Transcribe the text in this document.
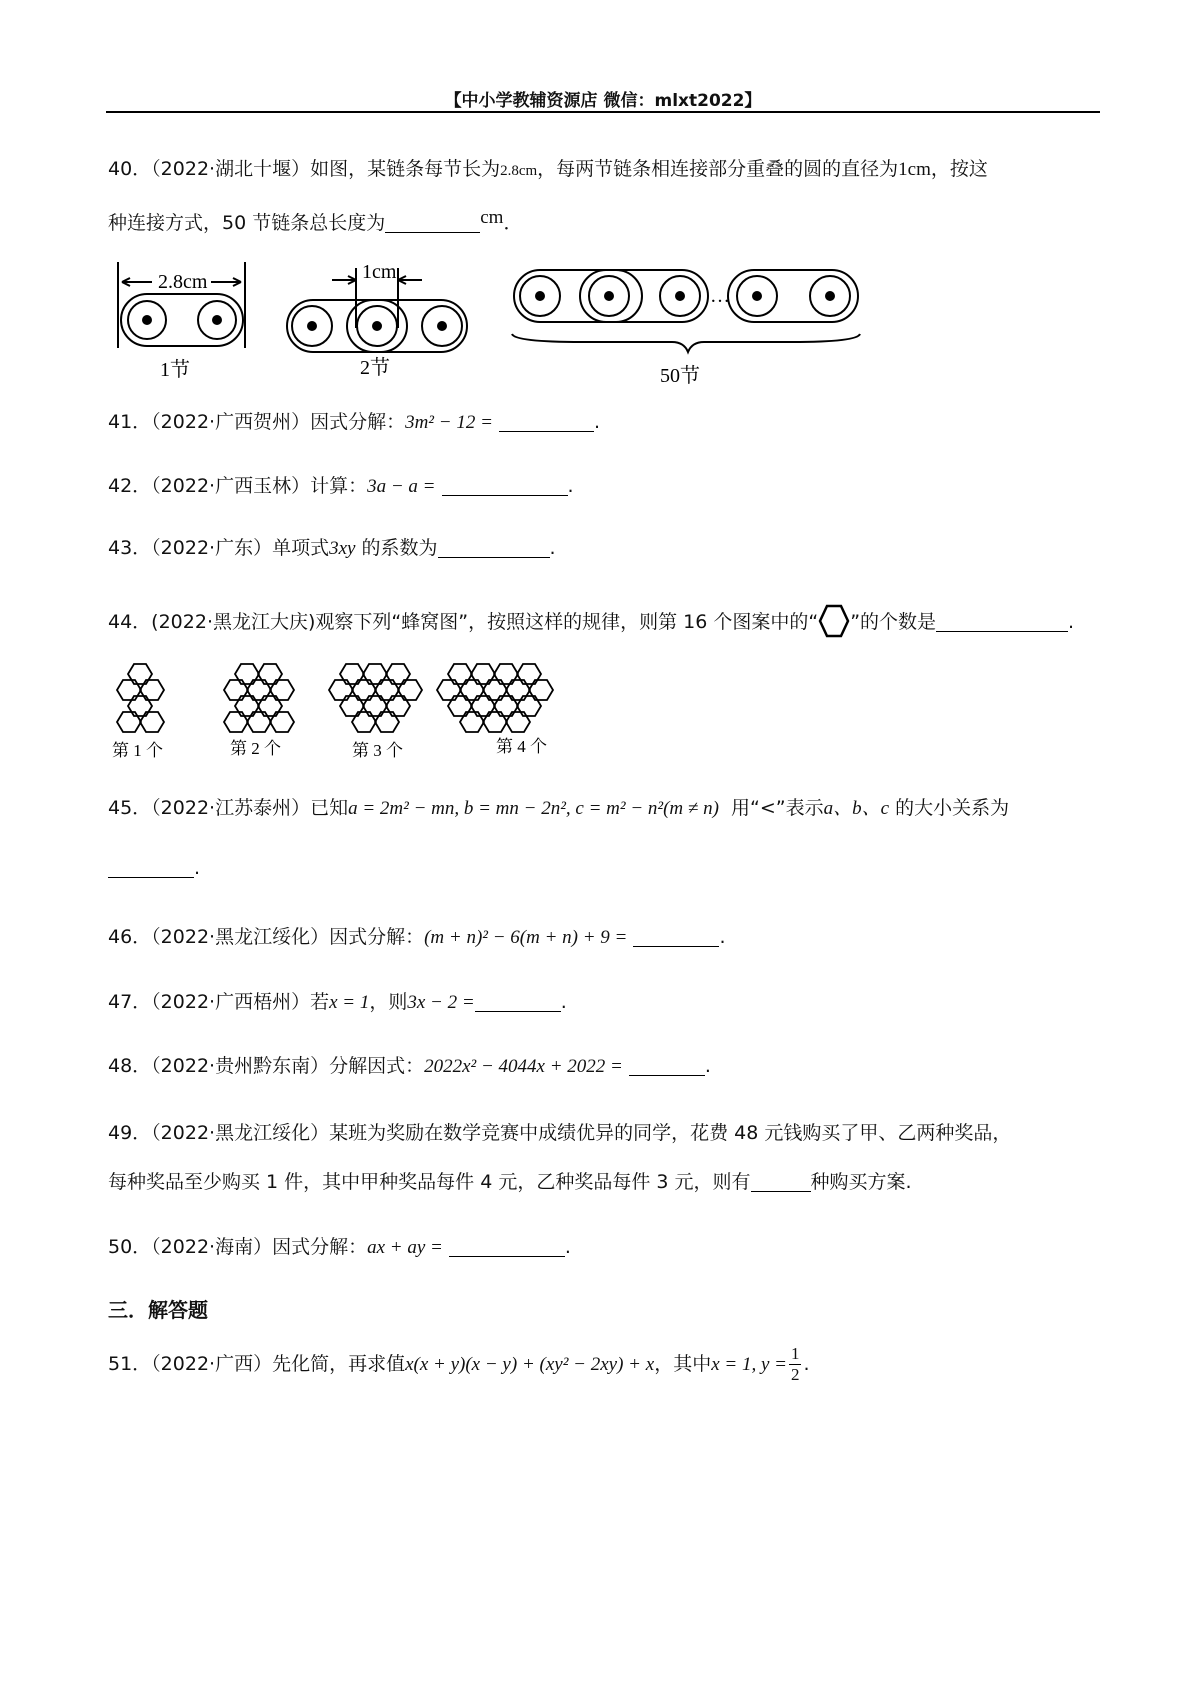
【中小学教辅资源店 微信：mlxt2022】
40．（2022·湖北十堰）如图，某链条每节长为2.8cm，每两节链条相连接部分重叠的圆的直径为1cm，按这
种连接方式，50 节链条总长度为	cm．
2.8cm	1cm
…
1节	2节	50节
41．（2022·广西贺州）因式分解：3m² − 12 =	.
42．（2022·广西玉林）计算：3a − a =	.
43．（2022·广东）单项式3xy 的系数为	.
44．(2022·黑龙江大庆)观察下列“蜂窝图”，按照这样的规律，则第 16 个图案中的“ ”的个数是	.
第 1 个	第 2 个	第 3 个	第 4 个
45．（2022·江苏泰州）已知a = 2m² − mn, b = mn − 2n², c = m² − n²(m ≠ n) 用“<”表示a、b、c 的大小关系为
.
46．（2022·黑龙江绥化）因式分解：(m + n)² − 6(m + n) + 9 =	.
47．（2022·广西梧州）若x = 1，则3x − 2 =	.
48．（2022·贵州黔东南）分解因式：2022x² − 4044x + 2022 =	.
49．（2022·黑龙江绥化）某班为奖励在数学竞赛中成绩优异的同学，花费 48 元钱购买了甲、乙两种奖品，
每种奖品至少购买 1 件，其中甲种奖品每件 4 元，乙种奖品每件 3 元，则有	种购买方案.
50．（2022·海南）因式分解：ax + ay =	.
三．解答题
51．（2022·广西）先化简，再求值x(x + y)(x − y) + (xy² − 2xy) + x，其中x = 1, $y = \frac{1}{2}$ .
